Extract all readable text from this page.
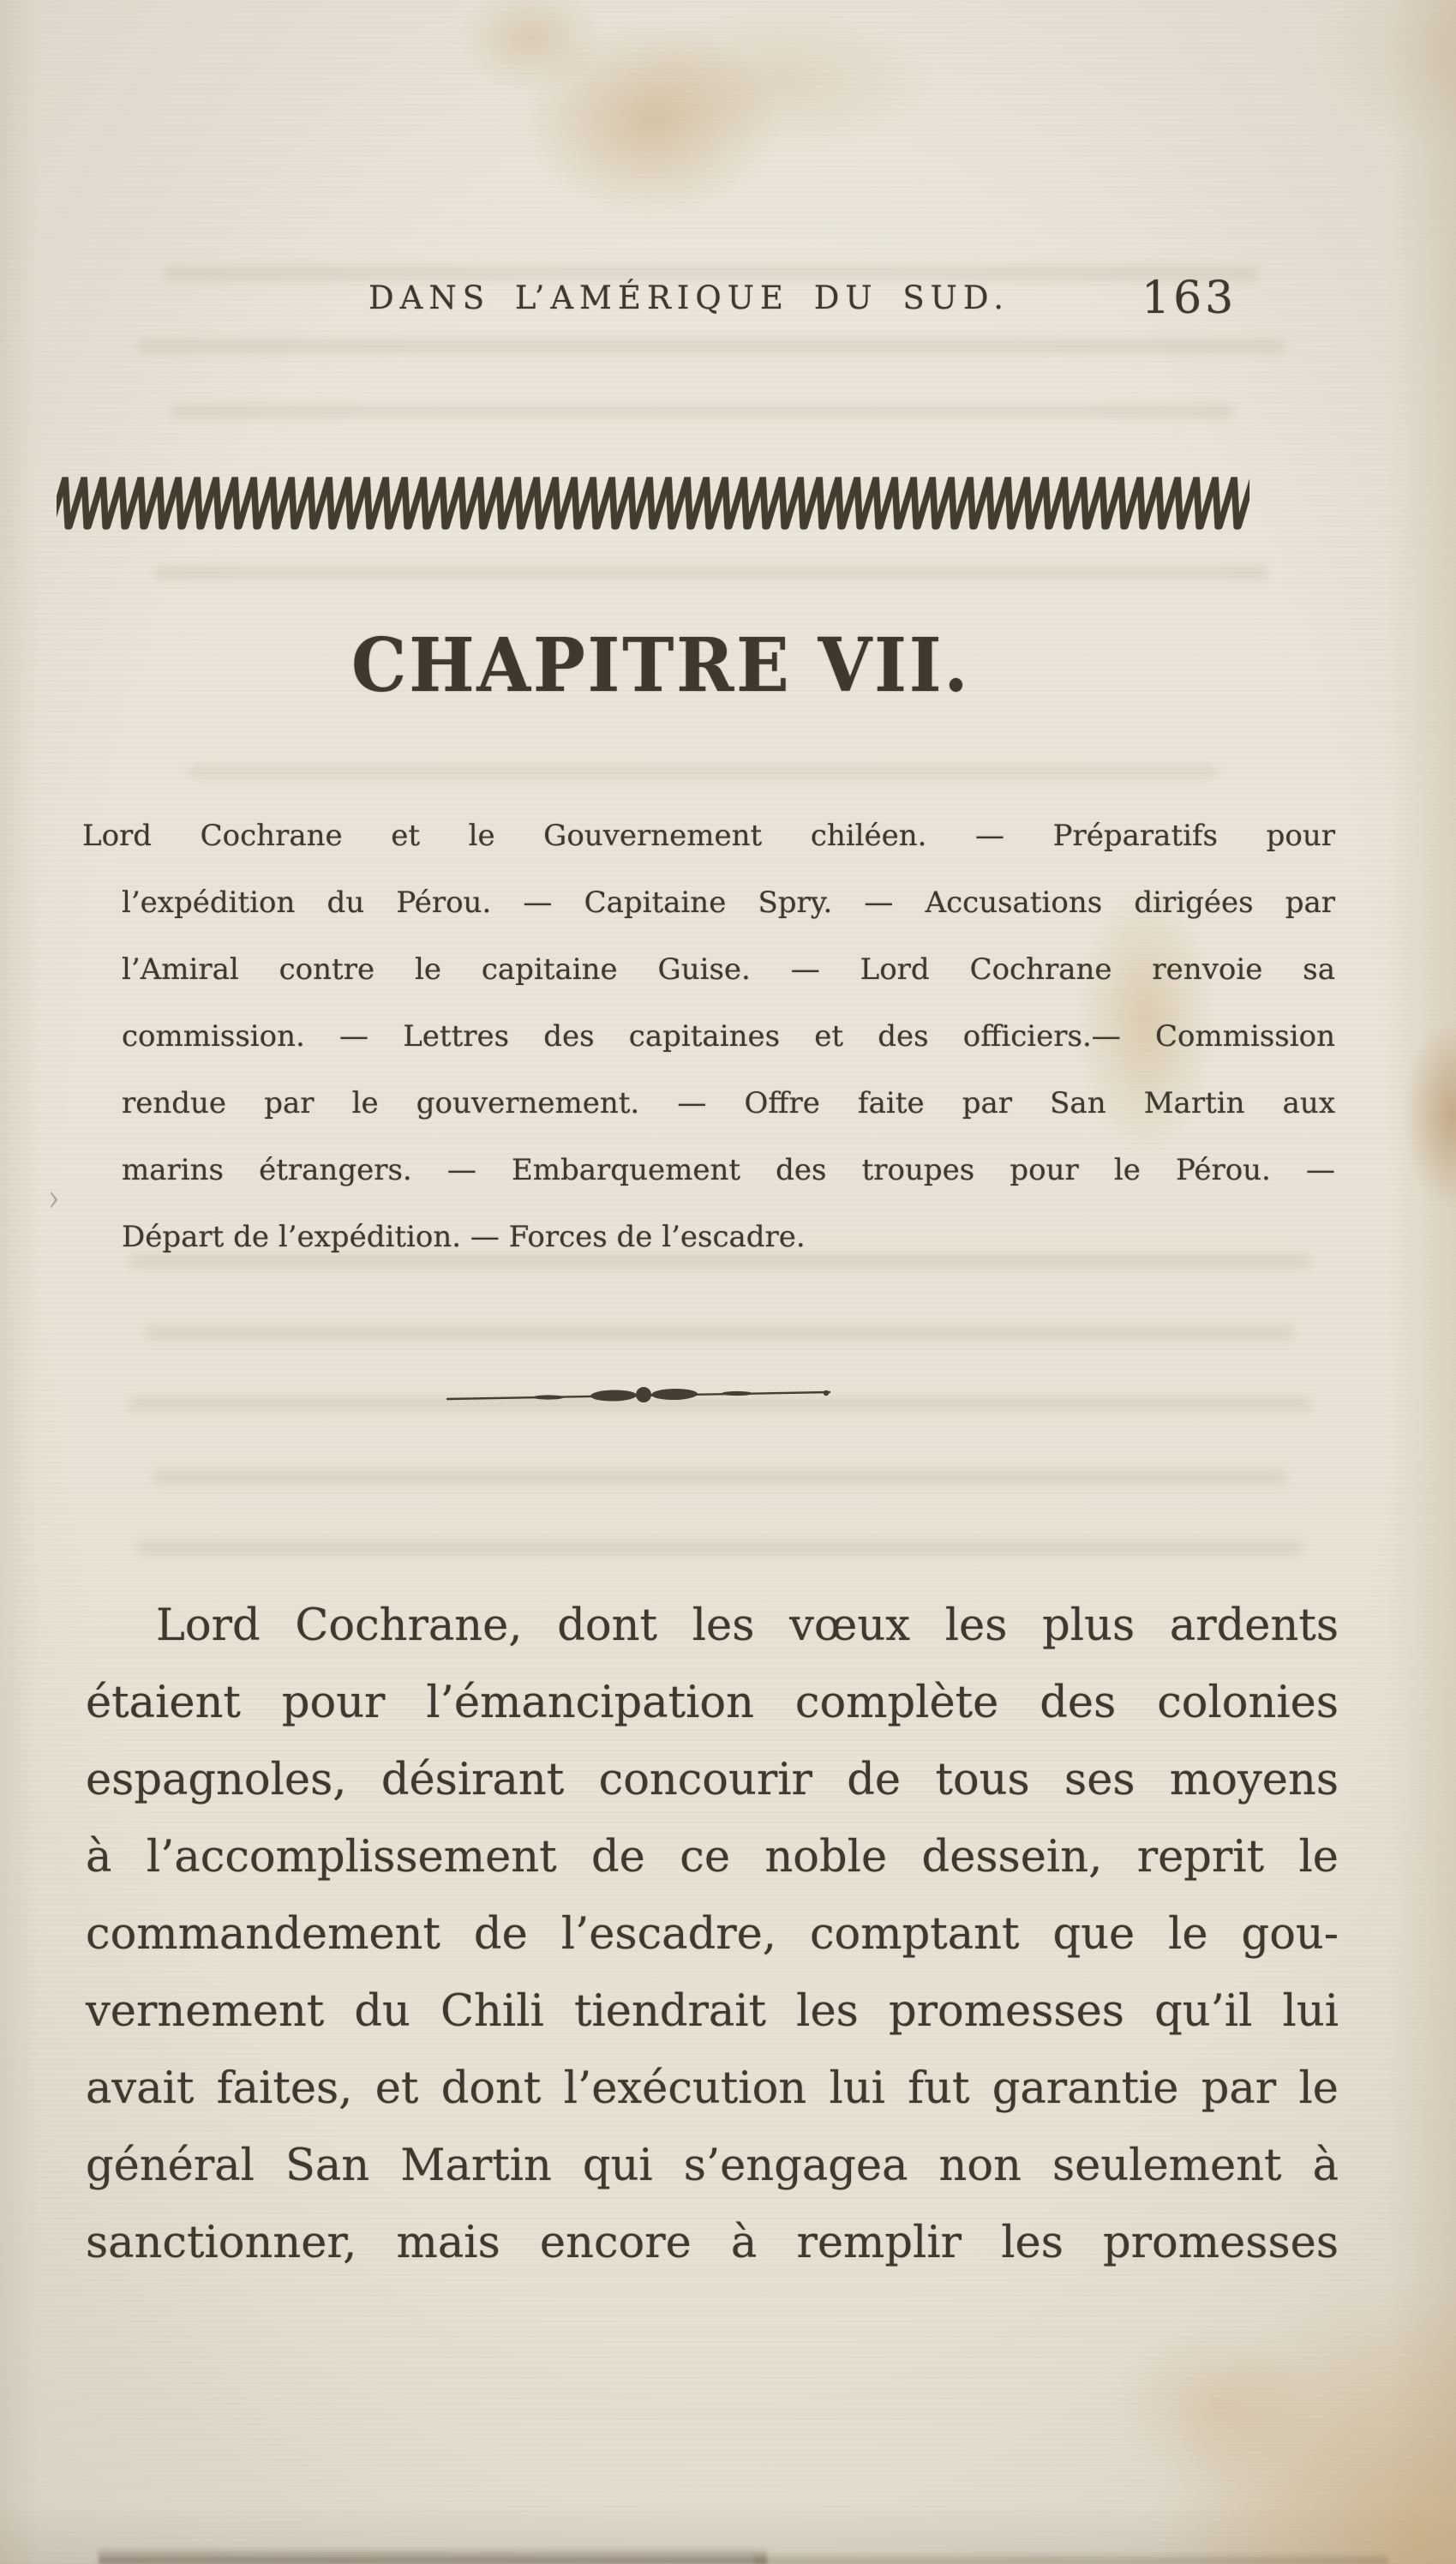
DANS L’AMÉRIQUE DU SUD.	163
CHAPITRE VII.
Lord Cochrane et le Gouvernement chiléen. — Préparatifs pour
l’expédition du Pérou. — Capitaine Spry. — Accusations dirigées par
l’Amiral contre le capitaine Guise. — Lord Cochrane renvoie sa
commission. — Lettres des capitaines et des officiers.— Commission
rendue par le gouvernement. — Offre faite par San Martin aux
marins étrangers. — Embarquement des troupes pour le Pérou. —
Départ de l’expédition. — Forces de l’escadre.
›
Lord Cochrane, dont les vœux les plus ardents
étaient pour l’émancipation complète des colonies
espagnoles, désirant concourir de tous ses moyens
à l’accomplissement de ce noble dessein, reprit le
commandement de l’escadre, comptant que le gou-
vernement du Chili tiendrait les promesses qu’il lui
avait faites, et dont l’exécution lui fut garantie par le
général San Martin qui s’engagea non seulement à
sanctionner, mais encore à remplir les promesses
